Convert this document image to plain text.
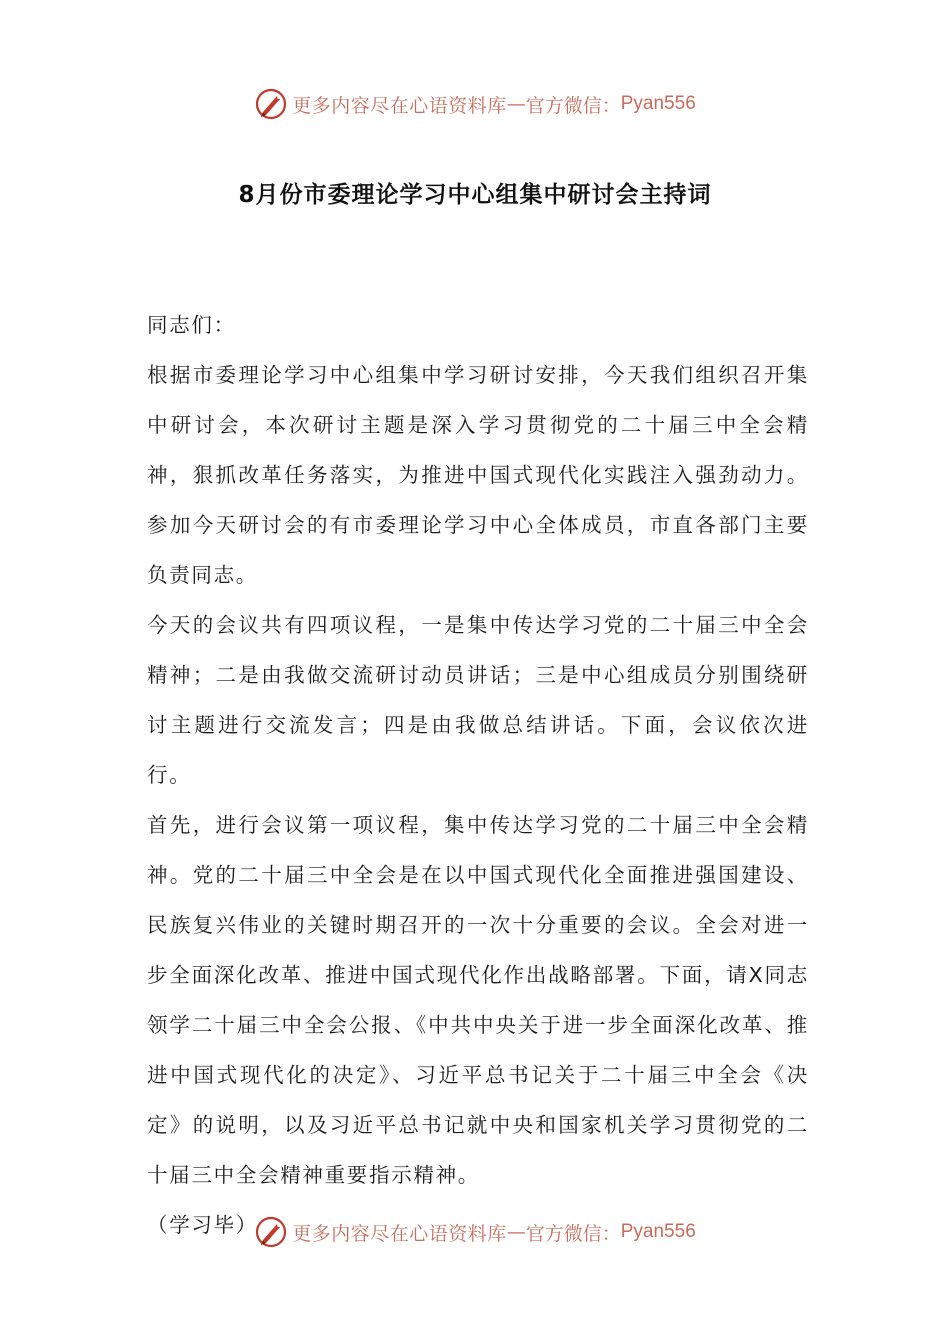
更多内容尽在心语资料库 — 官方微信： Pyan556
8月份市委理论学习中心组集中研讨会主持词

同志们：

根据市委理论学习中心组集中学习研讨安排，今天我们组织召开集中研讨会，本次研讨主题是深入学习贯彻党的二十届三中全会精神，狠抓改革任务落实，为推进中国式现代化实践注入强劲动力。参加今天研讨会的有市委理论学习中心全体成员，市直各部门主要负责同志。

今天的会议共有四项议程，一是集中传达学习党的二十届三中全会精神；二是由我做交流研讨动员讲话；三是中心组成员分别围绕研讨主题进行交流发言；四是由我做总结讲话。下面，会议依次进行。

首先，进行会议第一项议程，集中传达学习党的二十届三中全会精神。党的二十届三中全会是在以中国式现代化全面推进强国建设、民族复兴伟业的关键时期召开的一次十分重要的会议。全会对进一步全面深化改革、推进中国式现代化作出战略部署。下面，请X同志领学二十届三中全会公报、《中共中央关于进一步全面深化改革、推进中国式现代化的决定》、习近平总书记关于二十届三中全会《决定》的说明，以及习近平总书记就中央和国家机关学习贯彻党的二十届三中全会精神重要指示精神。

（学习毕）	更多内容尽在心语资料库 — 官方微信： Pyan556
